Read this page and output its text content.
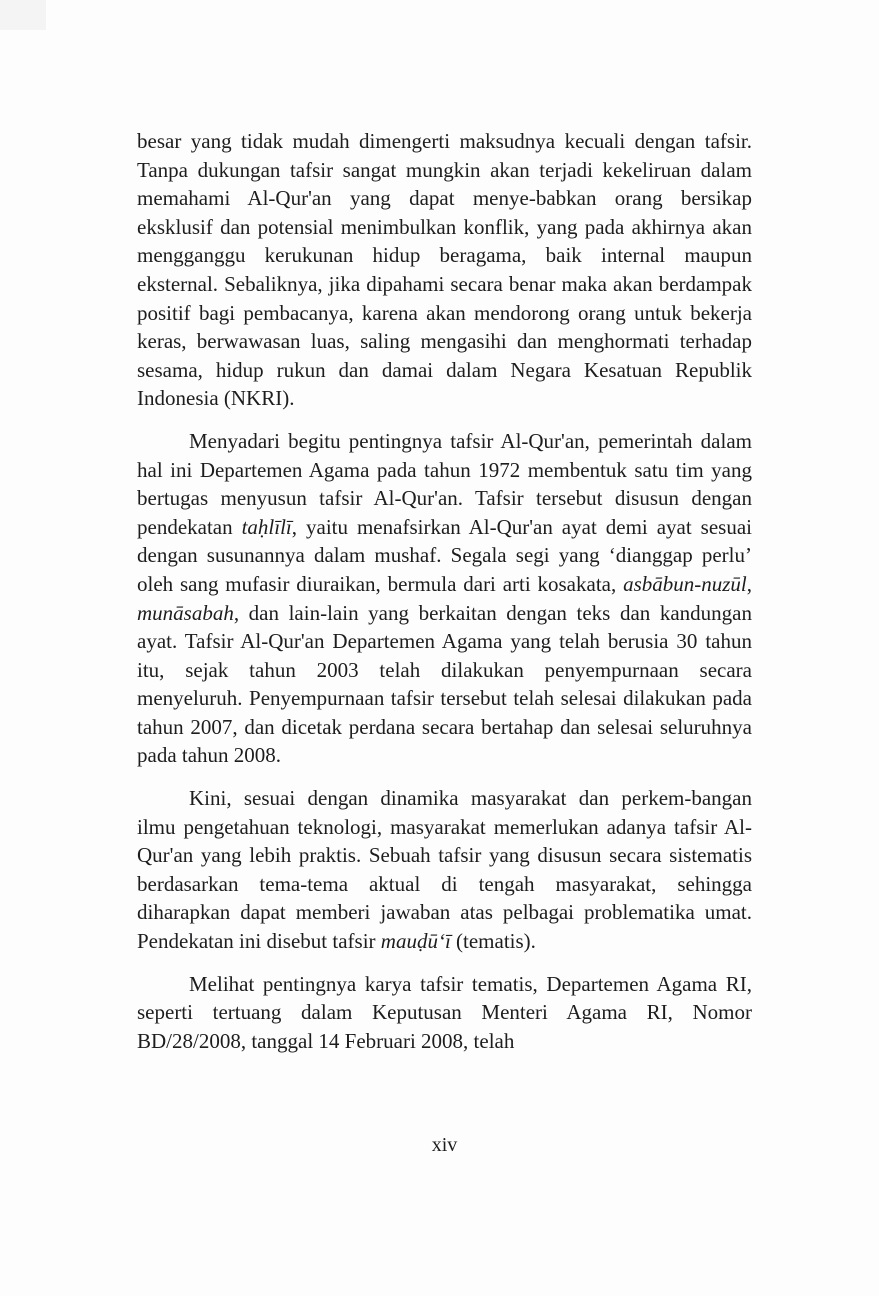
besar yang tidak mudah dimengerti maksudnya kecuali dengan tafsir. Tanpa dukungan tafsir sangat mungkin akan terjadi kekeliruan dalam memahami Al-Qur'an yang dapat menye-babkan orang bersikap eksklusif dan potensial menimbulkan konflik, yang pada akhirnya akan mengganggu kerukunan hidup beragama, baik internal maupun eksternal. Sebaliknya, jika dipahami secara benar maka akan berdampak positif bagi pembacanya, karena akan mendorong orang untuk bekerja keras, berwawasan luas, saling mengasihi dan menghormati terhadap sesama, hidup rukun dan damai dalam Negara Kesatuan Republik Indonesia (NKRI).

Menyadari begitu pentingnya tafsir Al-Qur'an, pemerintah dalam hal ini Departemen Agama pada tahun 1972 membentuk satu tim yang bertugas menyusun tafsir Al-Qur'an. Tafsir tersebut disusun dengan pendekatan taḥlīlī, yaitu menafsirkan Al-Qur'an ayat demi ayat sesuai dengan susunannya dalam mushaf. Segala segi yang ‘dianggap perlu’ oleh sang mufasir diuraikan, bermula dari arti kosakata, asbābun-nuzūl, munāsabah, dan lain-lain yang berkaitan dengan teks dan kandungan ayat. Tafsir Al-Qur'an Departemen Agama yang telah berusia 30 tahun itu, sejak tahun 2003 telah dilakukan penyempurnaan secara menyeluruh. Penyempurnaan tafsir tersebut telah selesai dilakukan pada tahun 2007, dan dicetak perdana secara bertahap dan selesai seluruhnya pada tahun 2008.

Kini, sesuai dengan dinamika masyarakat dan perkem-bangan ilmu pengetahuan teknologi, masyarakat memerlukan adanya tafsir Al-Qur'an yang lebih praktis. Sebuah tafsir yang disusun secara sistematis berdasarkan tema-tema aktual di tengah masyarakat, sehingga diharapkan dapat memberi jawaban atas pelbagai problematika umat. Pendekatan ini disebut tafsir mauḍūʻī (tematis).

Melihat pentingnya karya tafsir tematis, Departemen Agama RI, seperti tertuang dalam Keputusan Menteri Agama RI, Nomor BD/28/2008, tanggal 14 Februari 2008, telah

xiv
